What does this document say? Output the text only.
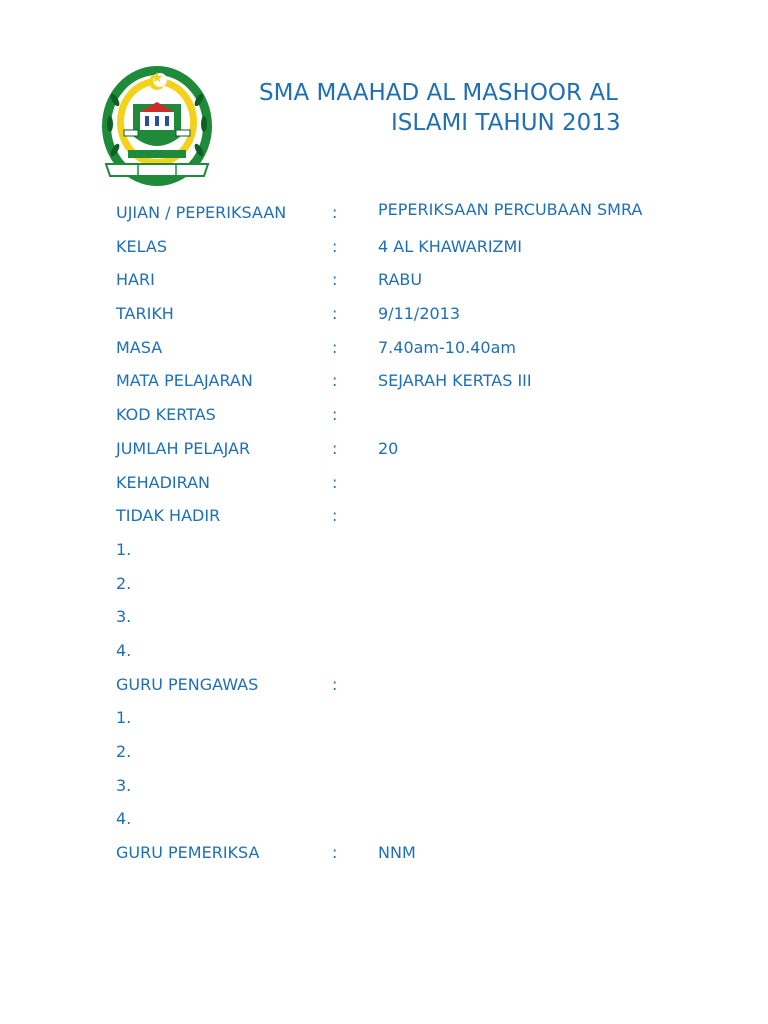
SMA MAAHAD AL MASHOOR AL
ISLAMI TAHUN 2013
UJIAN / PEPERIKSAAN	:	PEPERIKSAAN PERCUBAAN SMRA
KELAS	:	4 AL KHAWARIZMI
HARI	:	RABU
TARIKH	:	9/11/2013
MASA	:	7.40am-10.40am
MATA PELAJARAN	:	SEJARAH KERTAS III
KOD KERTAS	:
JUMLAH PELAJAR	:	20
KEHADIRAN	:
TIDAK HADIR	:
1.
2.
3.
4.
GURU PENGAWAS	:
1.
2.
3.
4.
GURU PEMERIKSA	:	NNM
